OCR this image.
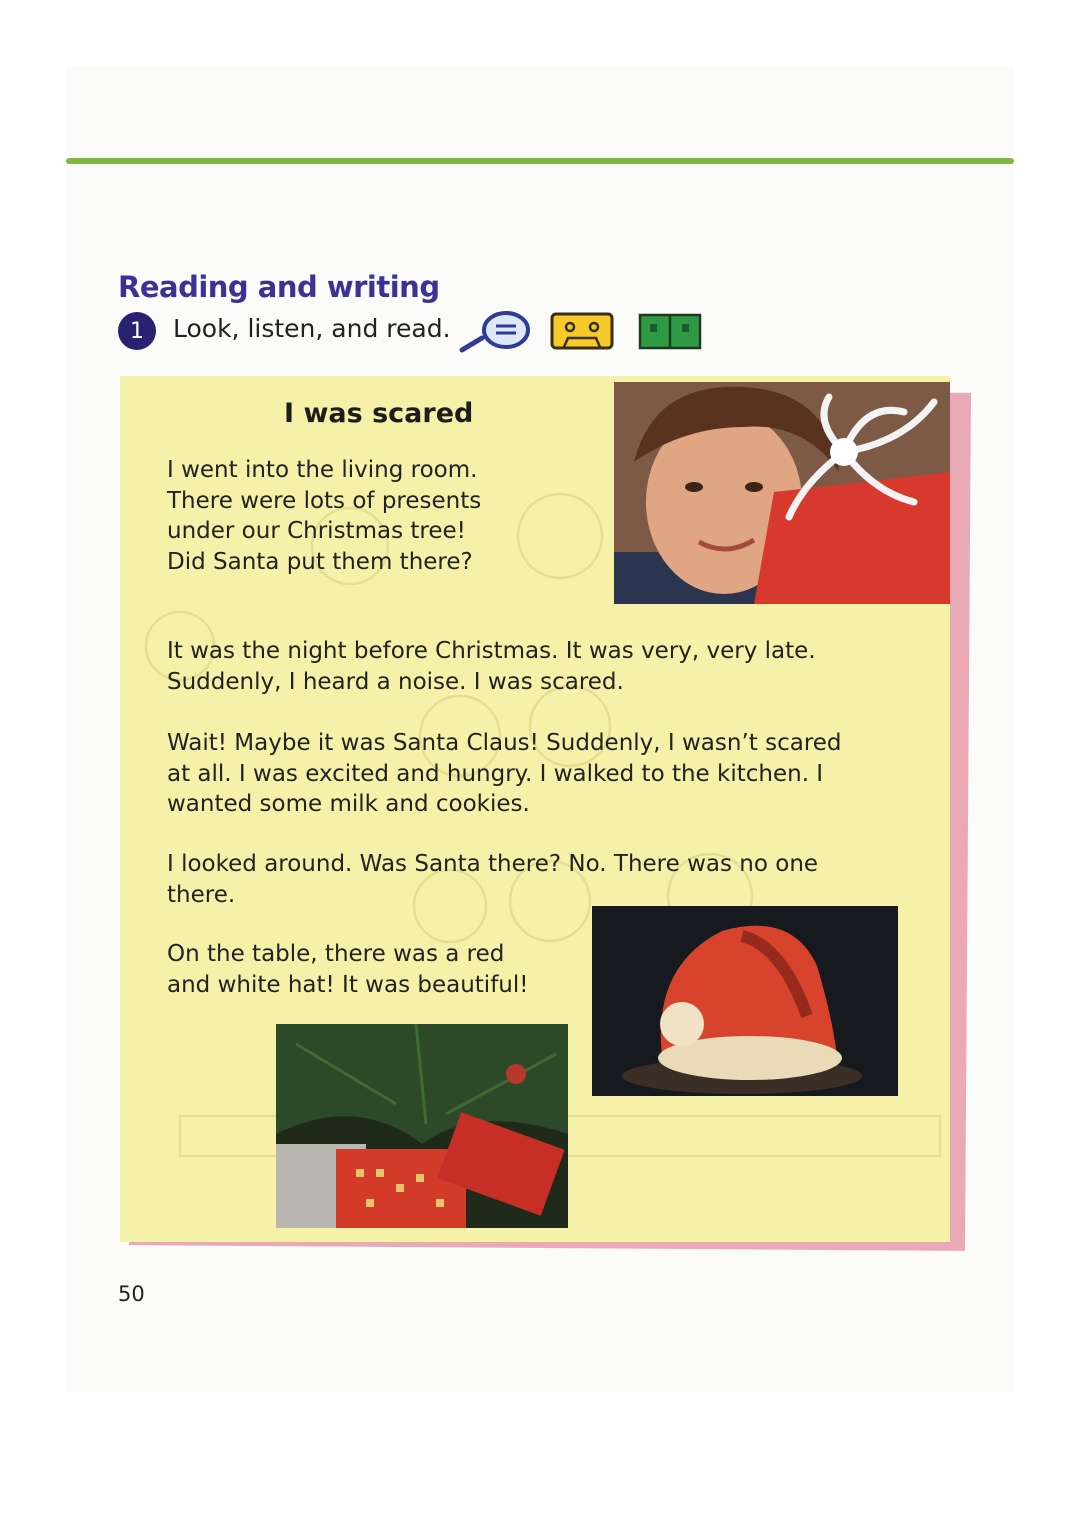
Reading and writing
1	Look, listen, and read.
I was scared
I went into the living room.
There were lots of presents
under our Christmas tree!
Did Santa put them there?
It was the night before Christmas. It was very, very late.
Suddenly, I heard a noise. I was scared.
Wait! Maybe it was Santa Claus! Suddenly, I wasn’t scared
at all. I was excited and hungry. I walked to the kitchen. I
wanted some milk and cookies.
I looked around. Was Santa there? No. There was no one
there.
On the table, there was a red
and white hat! It was beautiful!
50
